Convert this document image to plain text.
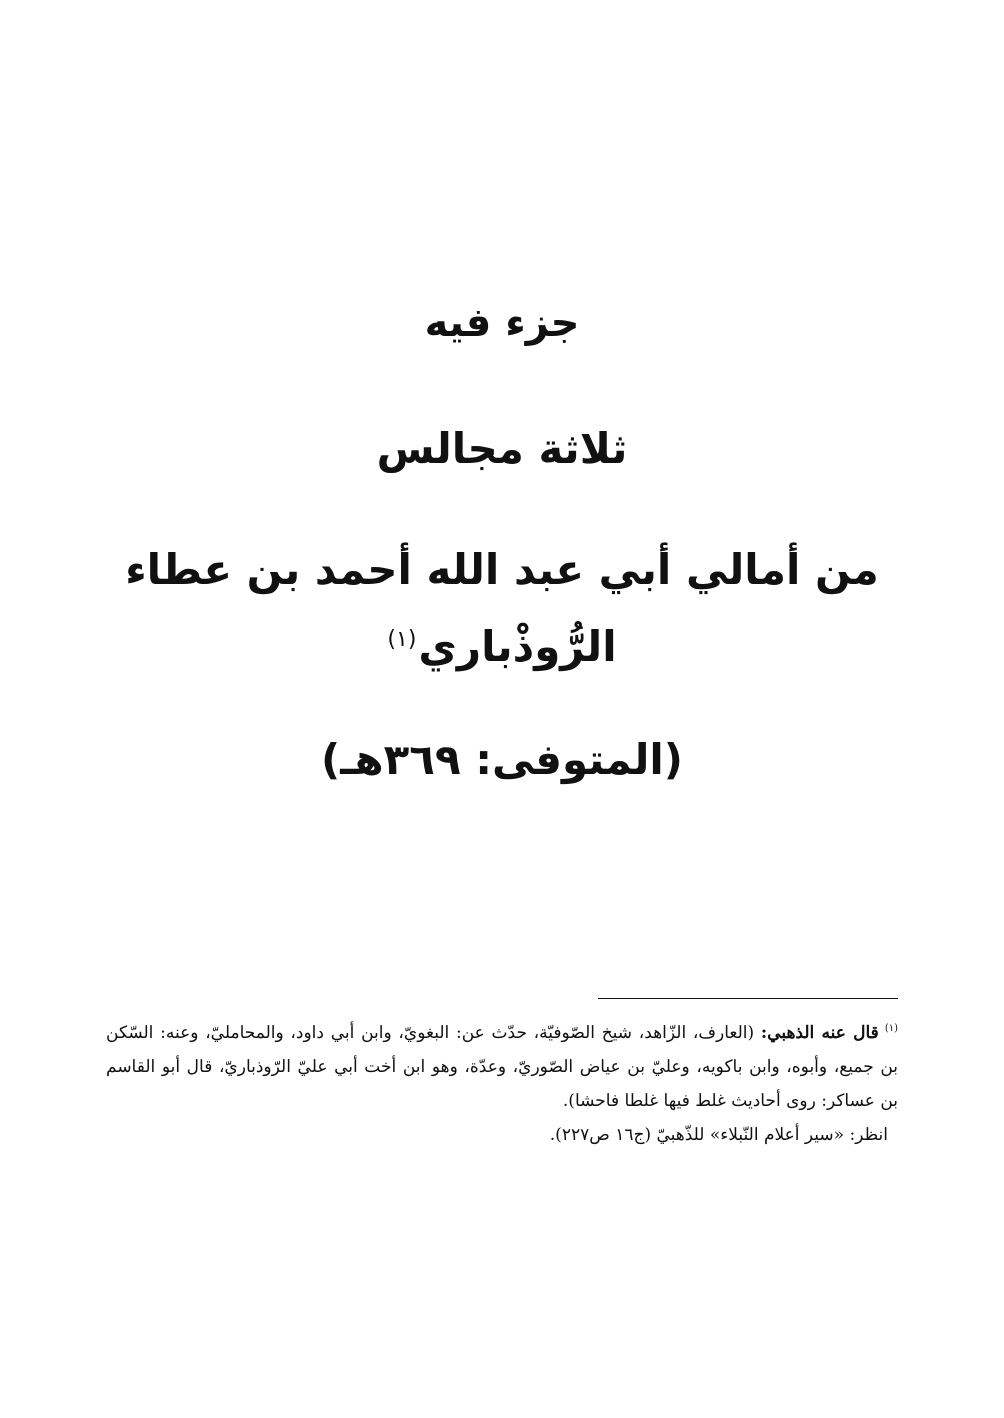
جزء فيه
ثلاثة مجالس
من أمالي أبي عبد الله أحمد بن عطاء
الرُّوذْباري$^{(١)}$
(المتوفى: ٣٦٩هـ)

$^{(١)}$قال عنه الذهبي: (العارف، الزّاهد، شيخ الصّوفيّة، حدّث عن: البغويّ، وابن أبي داود، والمحامليّ، وعنه: السّكن بن جميع، وأبوه، وابن باكويه، وعليّ بن عياض الصّوريّ، وعدّة، وهو ابن أخت أبي عليّ الرّوذباريّ، قال أبو القاسم بن عساكر: روى أحاديث غلط فيها غلطا فاحشا).

انظر: «سير أعلام النّبلاء» للذّهبيّ (ج١٦ ص٢٢٧).
